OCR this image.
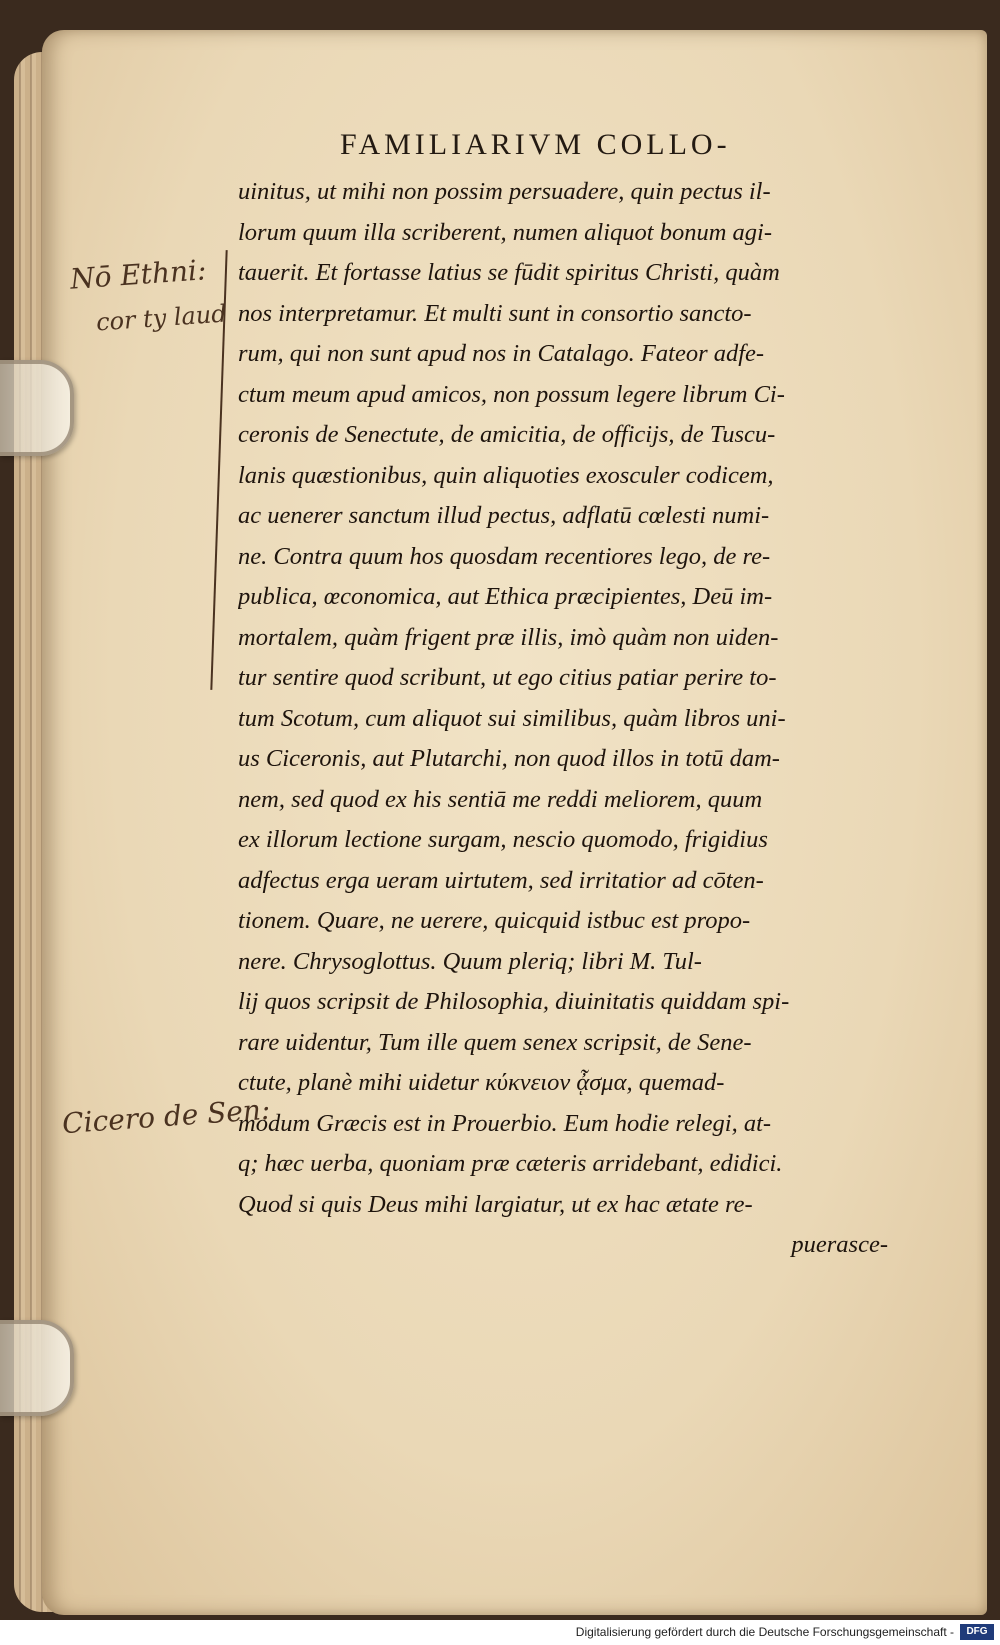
FAMILIARIVM COLLO-
Nō Ethni:
cor ty laud
Cicero de Sen:
uinitus, ut mihi non possim persuadere, quin pectus il-
lorum quum illa scriberent, numen aliquot bonum agi-
tauerit. Et fortasse latius se fūdit spiritus Christi, quàm
nos interpretamur. Et multi sunt in consortio sancto-
rum, qui non sunt apud nos in Catalago. Fateor adfe-
ctum meum apud amicos, non possum legere librum Ci-
ceronis de Senectute, de amicitia, de officijs, de Tuscu-
lanis quæstionibus, quin aliquoties exosculer codicem,
ac uenerer sanctum illud pectus, adflatū cœlesti numi-
ne. Contra quum hos quosdam recentiores lego, de re-
publica, œconomica, aut Ethica præcipientes, Deū im-
mortalem, quàm frigent præ illis, imò quàm non uiden-
tur sentire quod scribunt, ut ego citius patiar perire to-
tum Scotum, cum aliquot sui similibus, quàm libros uni-
us Ciceronis, aut Plutarchi, non quod illos in totū dam-
nem, sed quod ex his sentiā me reddi meliorem, quum
ex illorum lectione surgam, nescio quomodo, frigidius
adfectus erga ueram uirtutem, sed irritatior ad cōten-
tionem. Quare, ne uerere, quicquid istbuc est propo-
nere. Chrysoglottus. Quum pleriq; libri M. Tul-
lij quos scripsit de Philosophia, diuinitatis quiddam spi-
rare uidentur, Tum ille quem senex scripsit, de Sene-
ctute, planè mihi uidetur κύκνειον ᾆσμα, quemad-
modum Græcis est in Prouerbio. Eum hodie relegi, at-
q; hæc uerba, quoniam præ cæteris arridebant, edidici.
Quod si quis Deus mihi largiatur, ut ex hac ætate re-
puerasce-
Digitalisierung gefördert durch die Deutsche Forschungsgemeinschaft -	DFG
